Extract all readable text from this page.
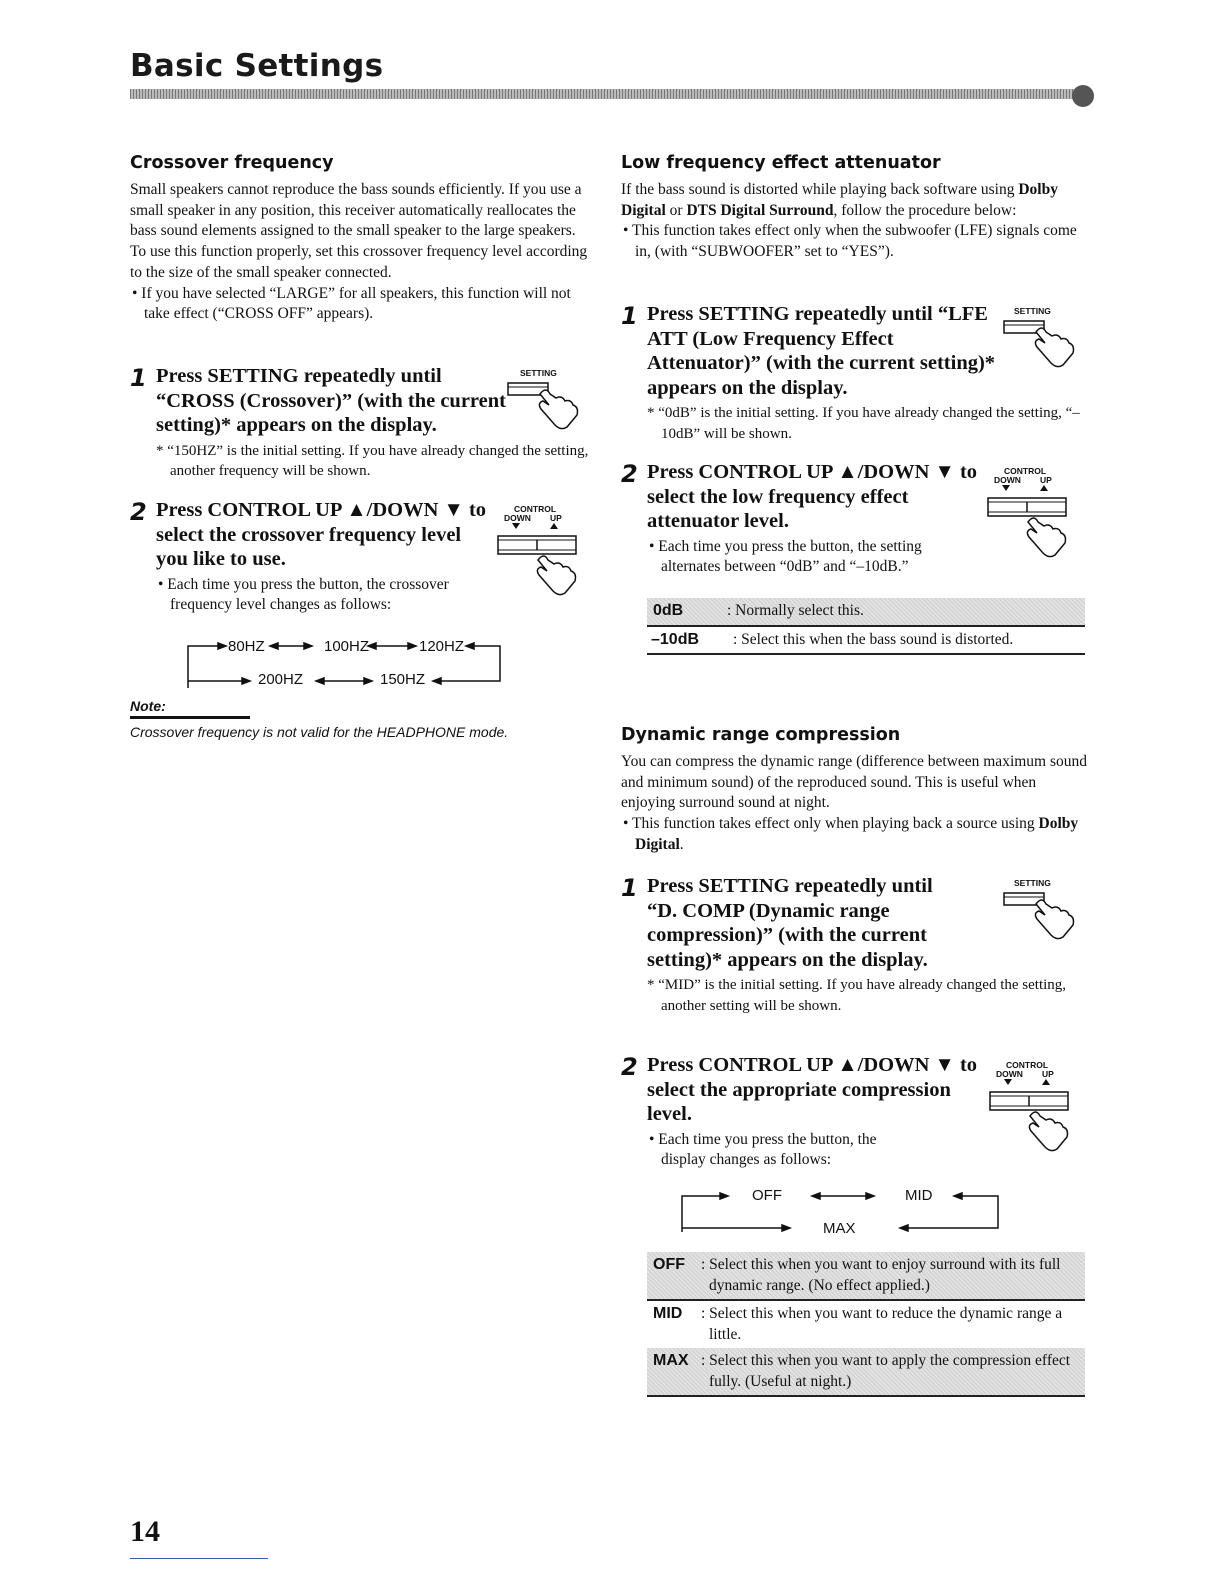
Basic Settings
Crossover frequency

Small speakers cannot reproduce the bass sounds efficiently. If you use a small speaker in any position, this receiver automatically reallocates the bass sound elements assigned to the small speaker to the large speakers.

To use this function properly, set this crossover frequency level according to the size of the small speaker connected.

• If you have selected “LARGE” for all speakers, this function will not take effect (“CROSS OFF” appears).

1 Press SETTING repeatedly until “CROSS (Crossover)” (with the current setting)* appears on the display.

* “150HZ” is the initial setting. If you have already changed the setting, another frequency will be shown.

SETTING
2 Press CONTROL UP ▲/DOWN ▼ to select the crossover frequency level you like to use.

• Each time you press the button, the crossover frequency level changes as follows:

CONTROL
DOWN UP
80HZ	100HZ	120HZ
150HZ
200HZ
Note:
Crossover frequency is not valid for the HEADPHONE mode.
Low frequency effect attenuator

If the bass sound is distorted while playing back software using Dolby Digital or DTS Digital Surround, follow the procedure below:

• This function takes effect only when the subwoofer (LFE) signals come in, (with “SUBWOOFER” set to “YES”).

1 Press SETTING repeatedly until “LFE ATT (Low Frequency Effect Attenuator)” (with the current setting)* appears on the display.

* “0dB” is the initial setting. If you have already changed the setting, “–10dB” will be shown.

SETTING
2 Press CONTROL UP ▲/DOWN ▼ to select the low frequency effect attenuator level.

• Each time you press the button, the setting alternates between “0dB” and “–10dB.”

CONTROL
DOWN UP
0dB	: Normally select this.
–10dB	: Select this when the bass sound is distorted.
Dynamic range compression

You can compress the dynamic range (difference between maximum sound and minimum sound) of the reproduced sound. This is useful when enjoying surround sound at night.

• This function takes effect only when playing back a source using Dolby Digital.

1 Press SETTING repeatedly until “D. COMP (Dynamic range compression)” (with the current setting)* appears on the display.

* “MID” is the initial setting. If you have already changed the setting, another setting will be shown.

SETTING
2 Press CONTROL UP ▲/DOWN ▼ to select the appropriate compression level.

• Each time you press the button, the display changes as follows:

CONTROL
DOWN UP
OFF	MID
MAX
OFF	: Select this when you want to enjoy surround with its full dynamic range. (No effect applied.)
MID	: Select this when you want to reduce the dynamic range a little.
MAX : Select this when you want to apply the compression effect fully. (Useful at night.)
14
